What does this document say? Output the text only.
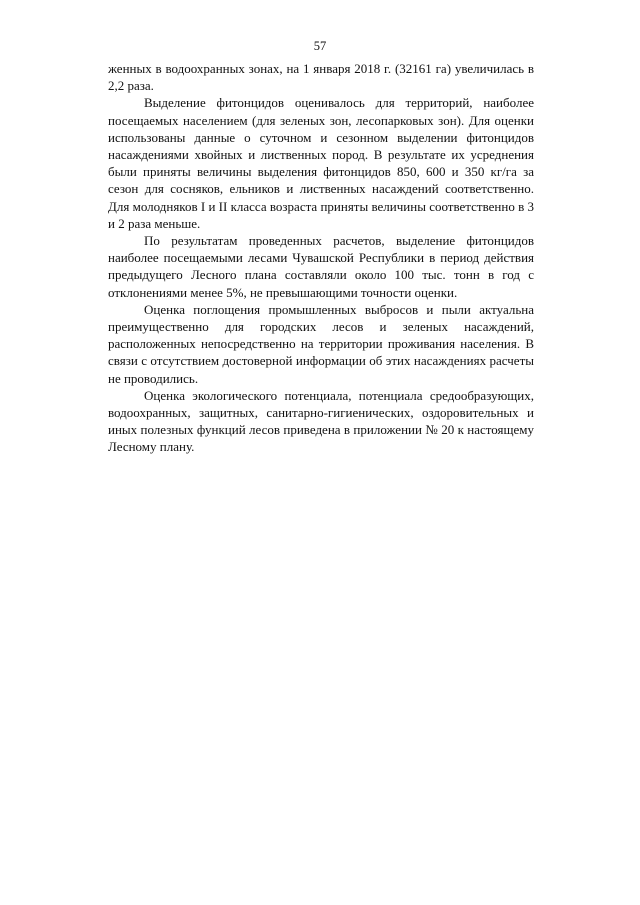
57

женных в водоохранных зонах, на 1 января 2018 г. (32161 га) увеличилась в 2,2 раза.

Выделение фитонцидов оценивалось для территорий, наиболее посещаемых населением (для зеленых зон, лесопарковых зон). Для оценки использованы данные о суточном и сезонном выделении фитонцидов насаждениями хвойных и лиственных пород. В результате их усреднения были приняты величины выделения фитонцидов 850, 600 и 350 кг/га за сезон для сосняков, ельников и лиственных насаждений соответственно. Для молодняков I и II класса возраста приняты величины соответственно в 3 и 2 раза меньше.

По результатам проведенных расчетов, выделение фитонцидов наиболее посещаемыми лесами Чувашской Республики в период действия предыдущего Лесного плана составляли около 100 тыс. тонн в год с отклонениями менее 5%, не превышающими точности оценки.

Оценка поглощения промышленных выбросов и пыли актуальна преимущественно для городских лесов и зеленых насаждений, расположенных непосредственно на территории проживания населения. В связи с отсутствием достоверной информации об этих насаждениях расчеты не проводились.

Оценка экологического потенциала, потенциала средообразующих, водоохранных, защитных, санитарно-гигиенических, оздоровительных и иных полезных функций лесов приведена в приложении № 20 к настоящему Лесному плану.
